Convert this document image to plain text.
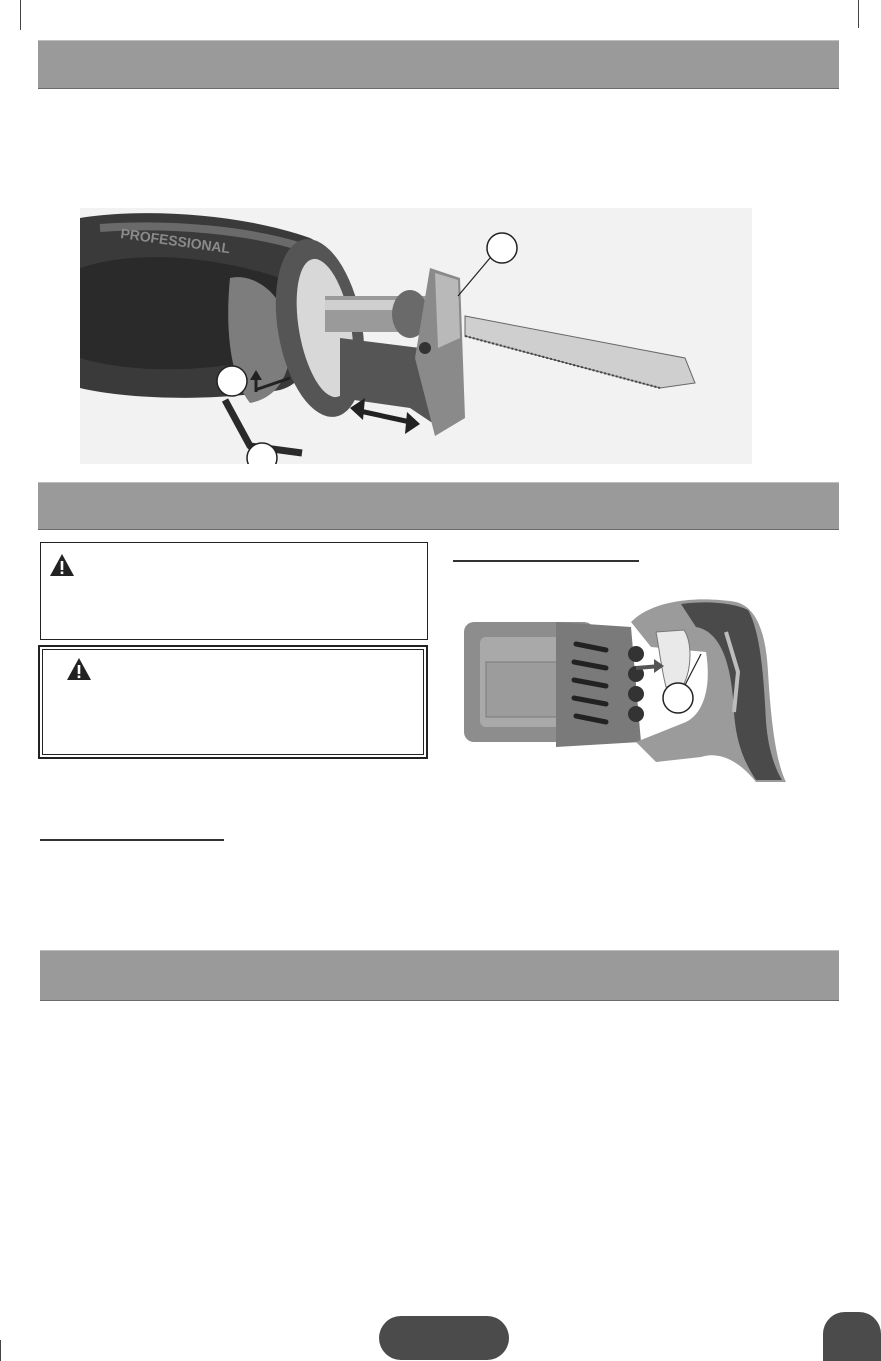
PROFESSIONAL
